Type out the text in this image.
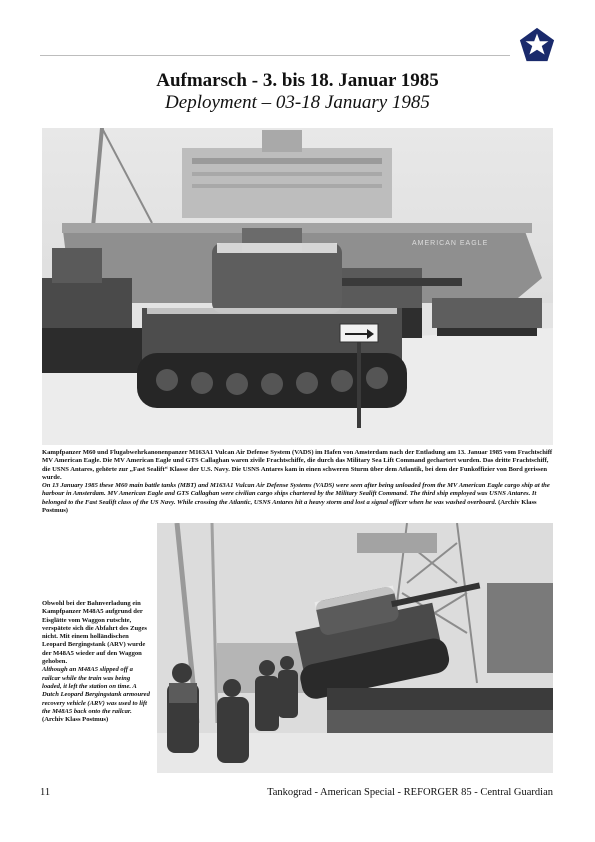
Aufmarsch - 3. bis 18. Januar 1985
Deployment – 03-18 January 1985
AMERICAN EAGLE

Kampfpanzer M60 und Flugabwehrkanonenpanzer M163A1 Vulcan Air Defense System (VADS) im Hafen von Amsterdam nach der Entladung am 13. Januar 1985 vom Frachtschiff MV American Eagle. Die MV American Eagle und GTS Callaghan waren zivile Frachtschiffe, die durch das Military Sea Lift Command gechartert wurden. Das dritte Frachtschiff, die USNS Antares, gehörte zur „Fast Sealift“ Klasse der U.S. Navy. Die USNS Antares kam in einen schweren Sturm über dem Atlantik, bei dem der Funkoffizier von Bord gerissen wurde.

On 13 January 1985 these M60 main battle tanks (MBT) and M163A1 Vulcan Air Defense Systems (VADS) were seen after being unloaded from the MV American Eagle cargo ship at the harbour in Amsterdam. MV American Eagle and GTS Callaghan were civilian cargo ships chartered by the Military Sealift Command. The third ship employed was USNS Antares. It belonged to the Fast Sealift class of the US Navy. While crossing the Atlantic, USNS Antares hit a heavy storm and lost a signal officer when he was washed overboard. (Archiv Klass Postmus)

Obwohl bei der Bahnverladung ein Kampfpanzer M48A5 aufgrund der Eisglätte vom Waggon rutschte, verspätete sich die Abfahrt des Zuges nicht. Mit einem holländischen Leopard Bergingstank (ARV) wurde der M48A5 wieder auf den Waggon gehoben.

Although an M48A5 slipped off a railcar while the train was being loaded, it left the station on time. A Dutch Leopard Bergingstank armoured recovery vehicle (ARV) was used to lift the M48A5 back onto the railcar. (Archiv Klass Postmus)

11	Tankograd - American Special - REFORGER 85 - Central Guardian
